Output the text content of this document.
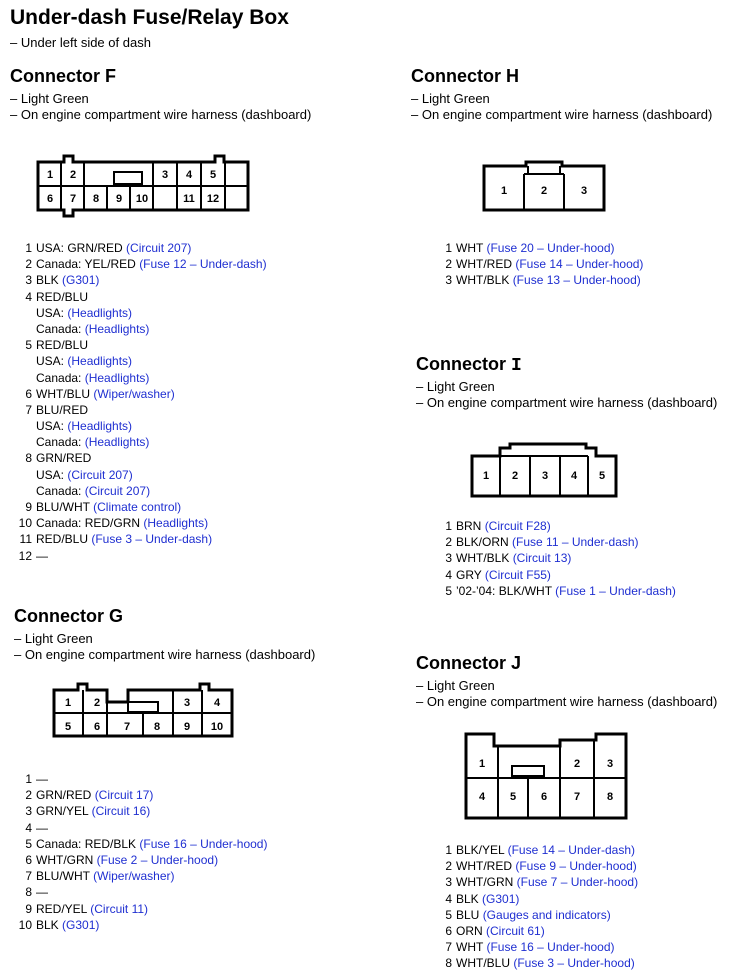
Under-dash Fuse/Relay Box
– Under left side of dash
Connector F
– Light Green
– On engine compartment wire harness (dashboard)
1 2	3 4 5
6 7 8 9 10	11 12
1 USA: GRN/RED (Circuit 207)
2 Canada: YEL/RED (Fuse 12 – Under-dash)
3 BLK (G301)
4 RED/BLU
USA: (Headlights)
Canada: (Headlights)
5 RED/BLU
USA: (Headlights)
Canada: (Headlights)
6 WHT/BLU (Wiper/washer)
7 BLU/RED
USA: (Headlights)
Canada: (Headlights)
8 GRN/RED
USA: (Circuit 207)
Canada: (Circuit 207)
9 BLU/WHT (Climate control)
10 Canada: RED/GRN (Headlights)
11 RED/BLU (Fuse 3 – Under-dash)
12 —
Connector G
– Light Green
– On engine compartment wire harness (dashboard)
1 2	3 4
5 6 7 8 9 10
1 —
2 GRN/RED (Circuit 17)
3 GRN/YEL (Circuit 16)
4 —
5 Canada: RED/BLK (Fuse 16 – Under-hood)
6 WHT/GRN (Fuse 2 – Under-hood)
7 BLU/WHT (Wiper/washer)
8 —
9 RED/YEL (Circuit 11)
10 BLK (G301)
Connector H
– Light Green
– On engine compartment wire harness (dashboard)
1	2	3
1 WHT (Fuse 20 – Under-hood)
2 WHT/RED (Fuse 14 – Under-hood)
3 WHT/BLK (Fuse 13 – Under-hood)
Connector I
– Light Green
– On engine compartment wire harness (dashboard)
1 2 3 4 5
1 BRN (Circuit F28)
2 BLK/ORN (Fuse 11 – Under-dash)
3 WHT/BLK (Circuit 13)
4 GRY (Circuit F55)
5 ’02-’04: BLK/WHT (Fuse 1 – Under-dash)
Connector J
– Light Green
– On engine compartment wire harness (dashboard)
1	2 3
4 5 6 7 8
1 BLK/YEL (Fuse 14 – Under-dash)
2 WHT/RED (Fuse 9 – Under-hood)
3 WHT/GRN (Fuse 7 – Under-hood)
4 BLK (G301)
5 BLU (Gauges and indicators)
6 ORN (Circuit 61)
7 WHT (Fuse 16 – Under-hood)
8 WHT/BLU (Fuse 3 – Under-hood)
